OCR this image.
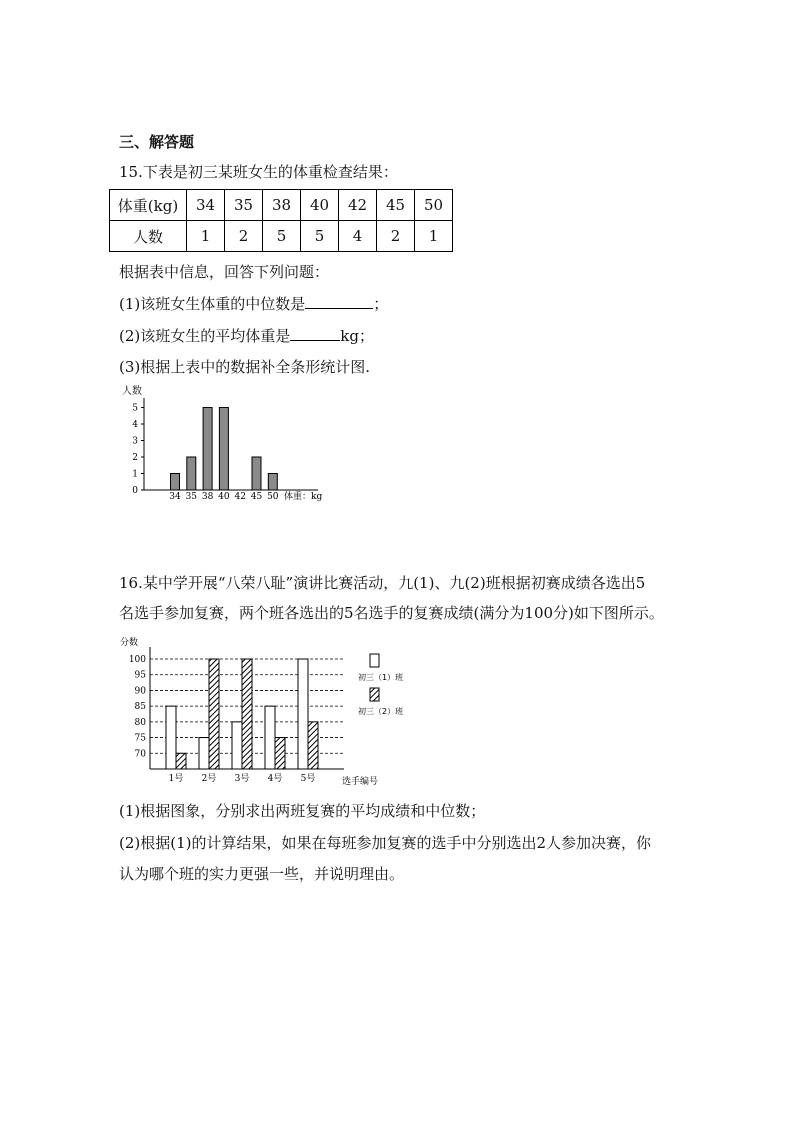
三、解答题
15.下表是初三某班女生的体重检查结果：
体重(kg)	34	35	38	40	42	45	50
人数	1	2	5	5	4	2	1
根据表中信息，回答下列问题：
(1)该班女生体重的中位数是	；
(2)该班女生的平均体重是	kg；
(3)根据上表中的数据补全条形统计图.
人数
0
1
2
3
4
5
34 35 38 40 42 45 50 体重：kg
16.某中学开展“八荣八耻”演讲比赛活动，九(1)、九(2)班根据初赛成绩各选出5
名选手参加复赛，两个班各选出的5名选手的复赛成绩(满分为100分)如下图所示。
分数
70
75
80
85
90
95
100
1号 2号 3号 4号 5号	选手编号
初三（1）班
初三（2）班
(1)根据图象，分别求出两班复赛的平均成绩和中位数；
(2)根据(1)的计算结果，如果在每班参加复赛的选手中分别选出2人参加决赛，你
认为哪个班的实力更强一些，并说明理由。
